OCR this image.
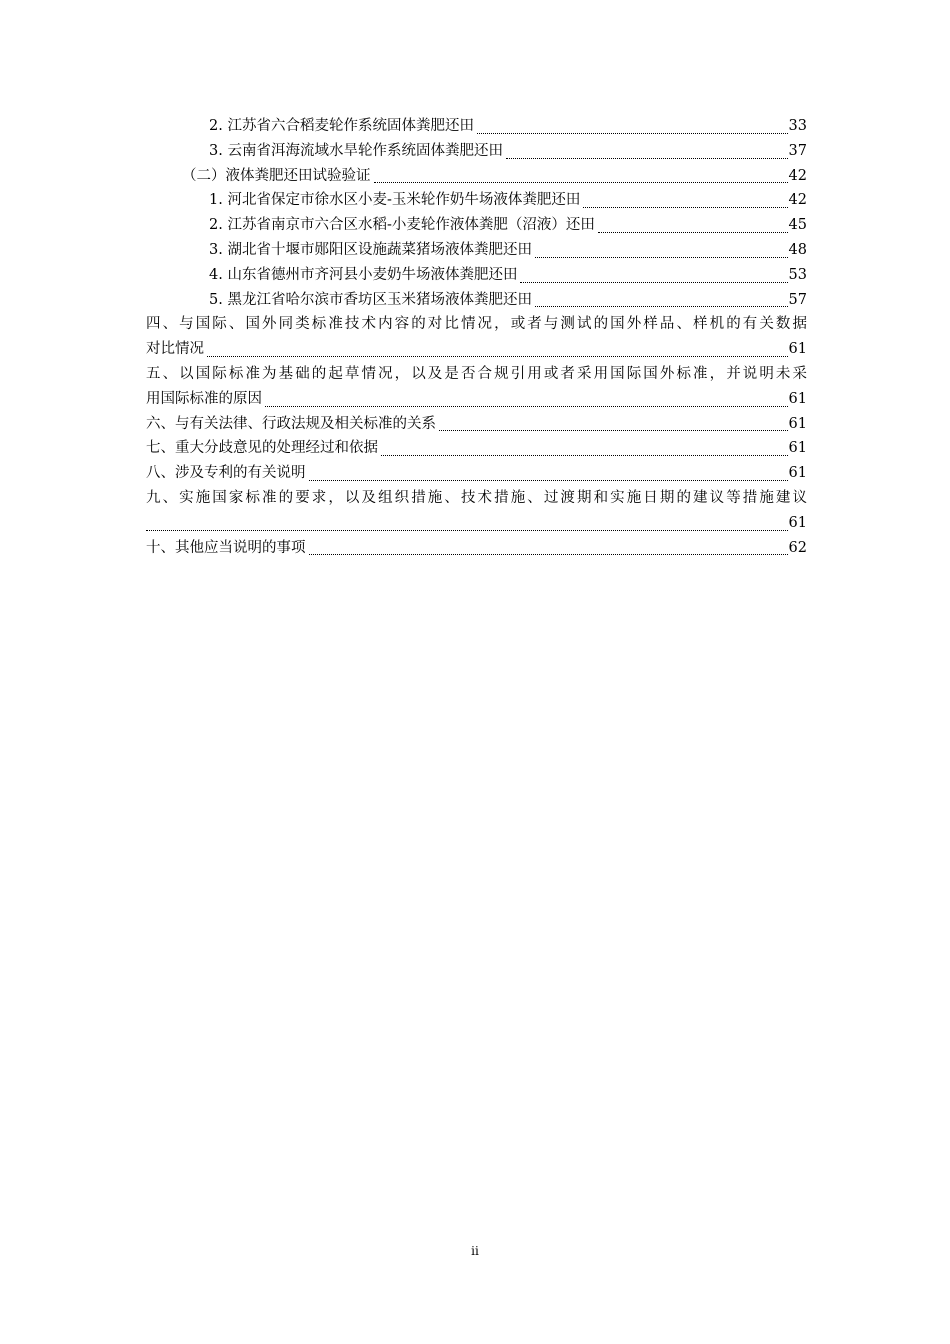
2. 江苏省六合稻麦轮作系统固体粪肥还田	33
3. 云南省洱海流域水旱轮作系统固体粪肥还田	37
（二）液体粪肥还田试验验证	42
1. 河北省保定市徐水区小麦-玉米轮作奶牛场液体粪肥还田	42
2. 江苏省南京市六合区水稻-小麦轮作液体粪肥（沼液）还田	45
3. 湖北省十堰市郧阳区设施蔬菜猪场液体粪肥还田	48
4. 山东省德州市齐河县小麦奶牛场液体粪肥还田	53
5. 黑龙江省哈尔滨市香坊区玉米猪场液体粪肥还田	57
四、与国际、国外同类标准技术内容的对比情况，或者与测试的国外样品、样机的有关数据
对比情况	61
五、以国际标准为基础的起草情况，以及是否合规引用或者采用国际国外标准，并说明未采
用国际标准的原因	61
六、与有关法律、行政法规及相关标准的关系	61
七、重大分歧意见的处理经过和依据	61
八、涉及专利的有关说明	61
九、实施国家标准的要求，以及组织措施、技术措施、过渡期和实施日期的建议等措施建议
61
十、其他应当说明的事项	62
ii
